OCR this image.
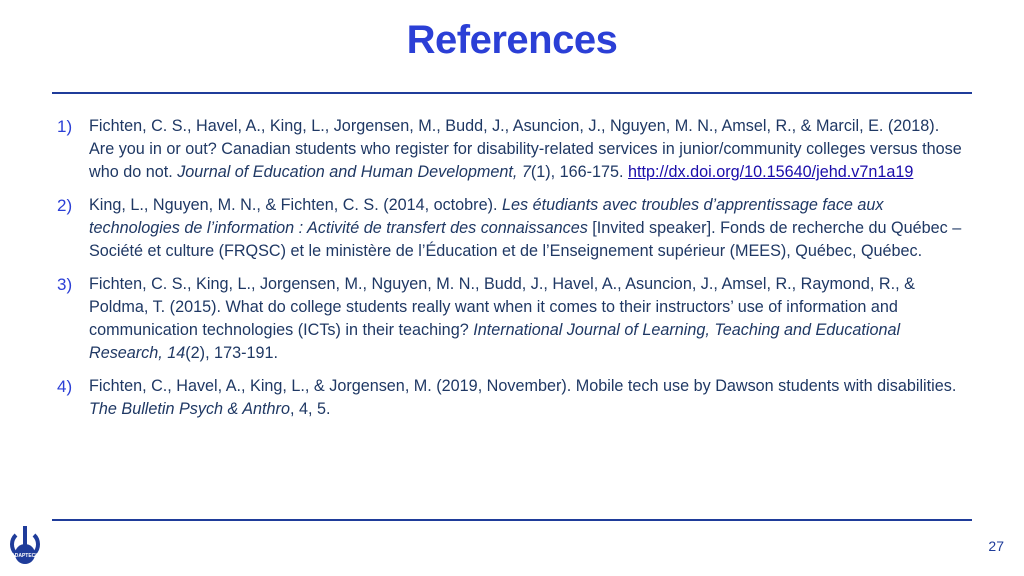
References
1)	Fichten, C. S., Havel, A., King, L., Jorgensen, M., Budd, J., Asuncion, J., Nguyen, M. N., Amsel, R., & Marcil, E. (2018). Are you in or out? Canadian students who register for disability-related services in junior/community colleges versus those who do not. Journal of Education and Human Development, 7(1), 166-175. http://dx.doi.org/10.15640/jehd.v7n1a19
2)	King, L., Nguyen, M. N., & Fichten, C. S. (2014, octobre). Les étudiants avec troubles d’apprentissage face aux technologies de l’information : Activité de transfert des connaissances [Invited speaker]. Fonds de recherche du Québec – Société et culture (FRQSC) et le ministère de l’Éducation et de l’Enseignement supérieur (MEES), Québec, Québec.
3)	Fichten, C. S., King, L., Jorgensen, M., Nguyen, M. N., Budd, J., Havel, A., Asuncion, J., Amsel, R., Raymond, R., & Poldma, T. (2015). What do college students really want when it comes to their instructors’ use of information and communication technologies (ICTs) in their teaching? International Journal of Learning, Teaching and Educational Research, 14(2), 173-191.
4)	Fichten, C., Havel, A., King, L., & Jorgensen, M. (2019, November). Mobile tech use by Dawson students with disabilities. The Bulletin Psych & Anthro, 4, 5.
ADAPTECH
27
